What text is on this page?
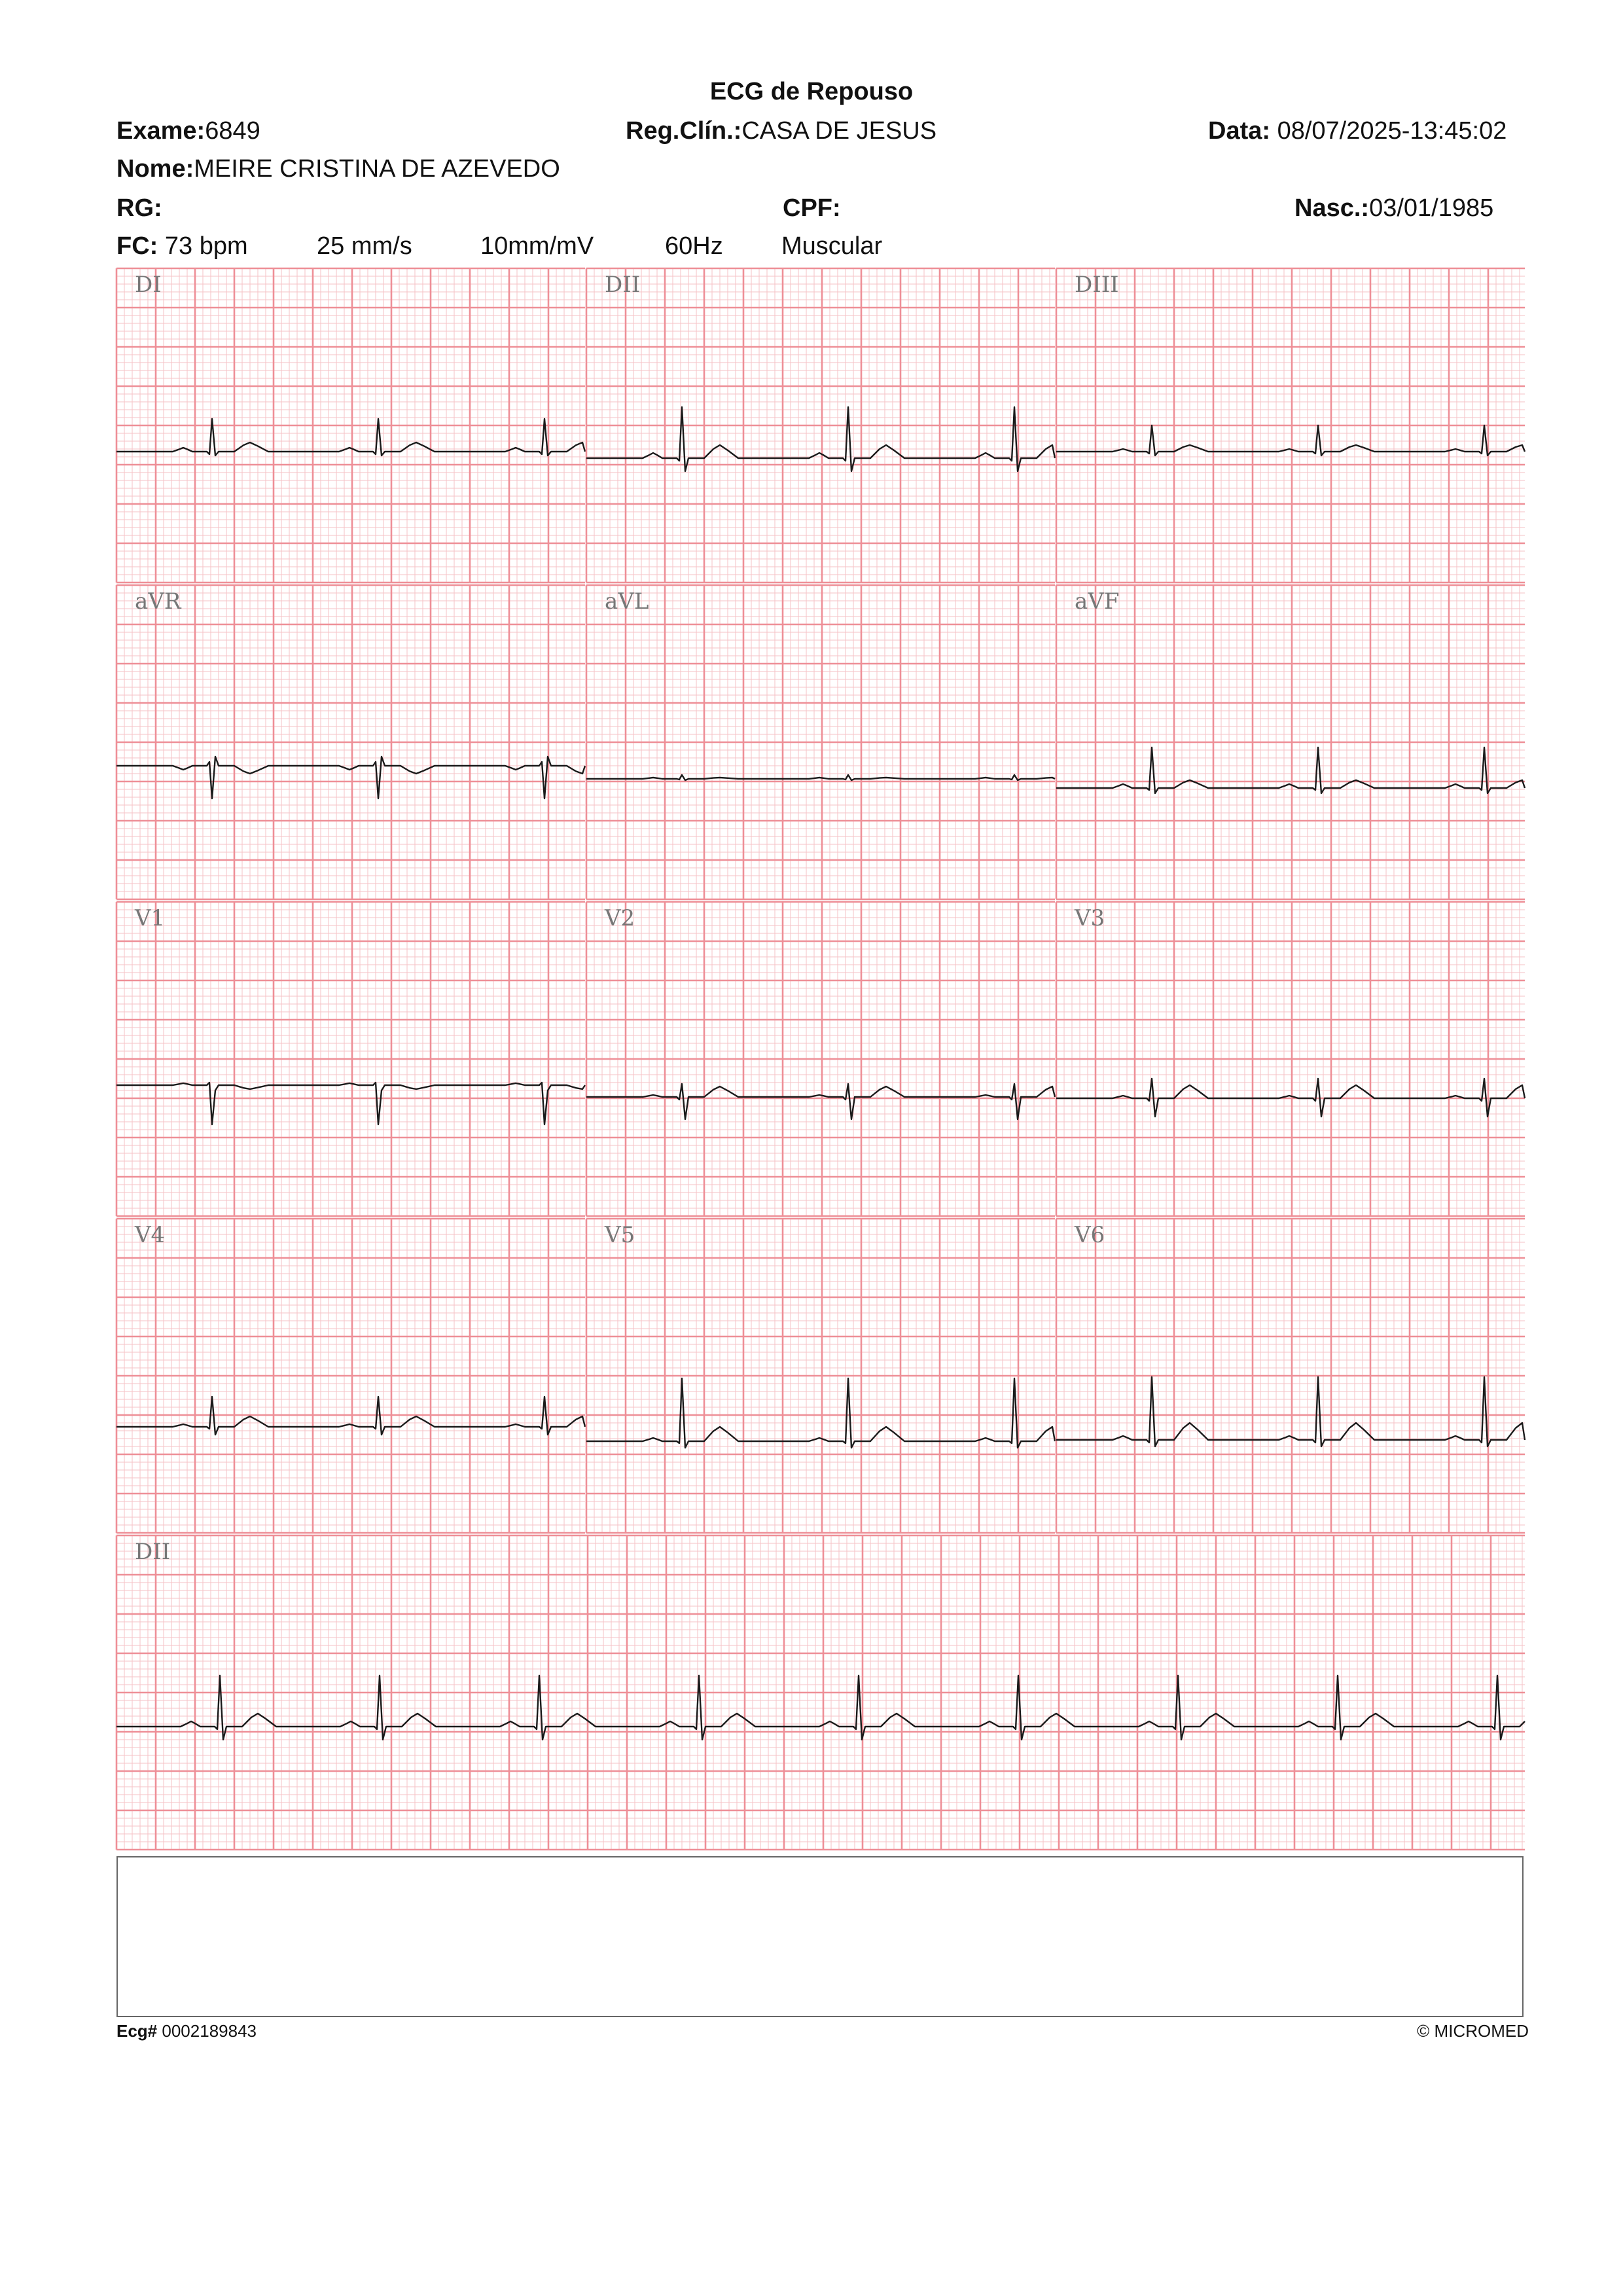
ECG de Repouso
Exame:6849	Reg.Clín.:CASA DE JESUS	Data: 08/07/2025-13:45:02
Nome:MEIRE CRISTINA DE AZEVEDO
RG:	CPF:	Nasc.:03/01/1985
FC: 73 bpm	25 mm/s	10mm/mV	60Hz Muscular
DI	DII	DIII
aVR	aVL	aVF
V1	V2	V3
V4	V5	V6
DII
Ecg# 0002189843	© MICROMED
